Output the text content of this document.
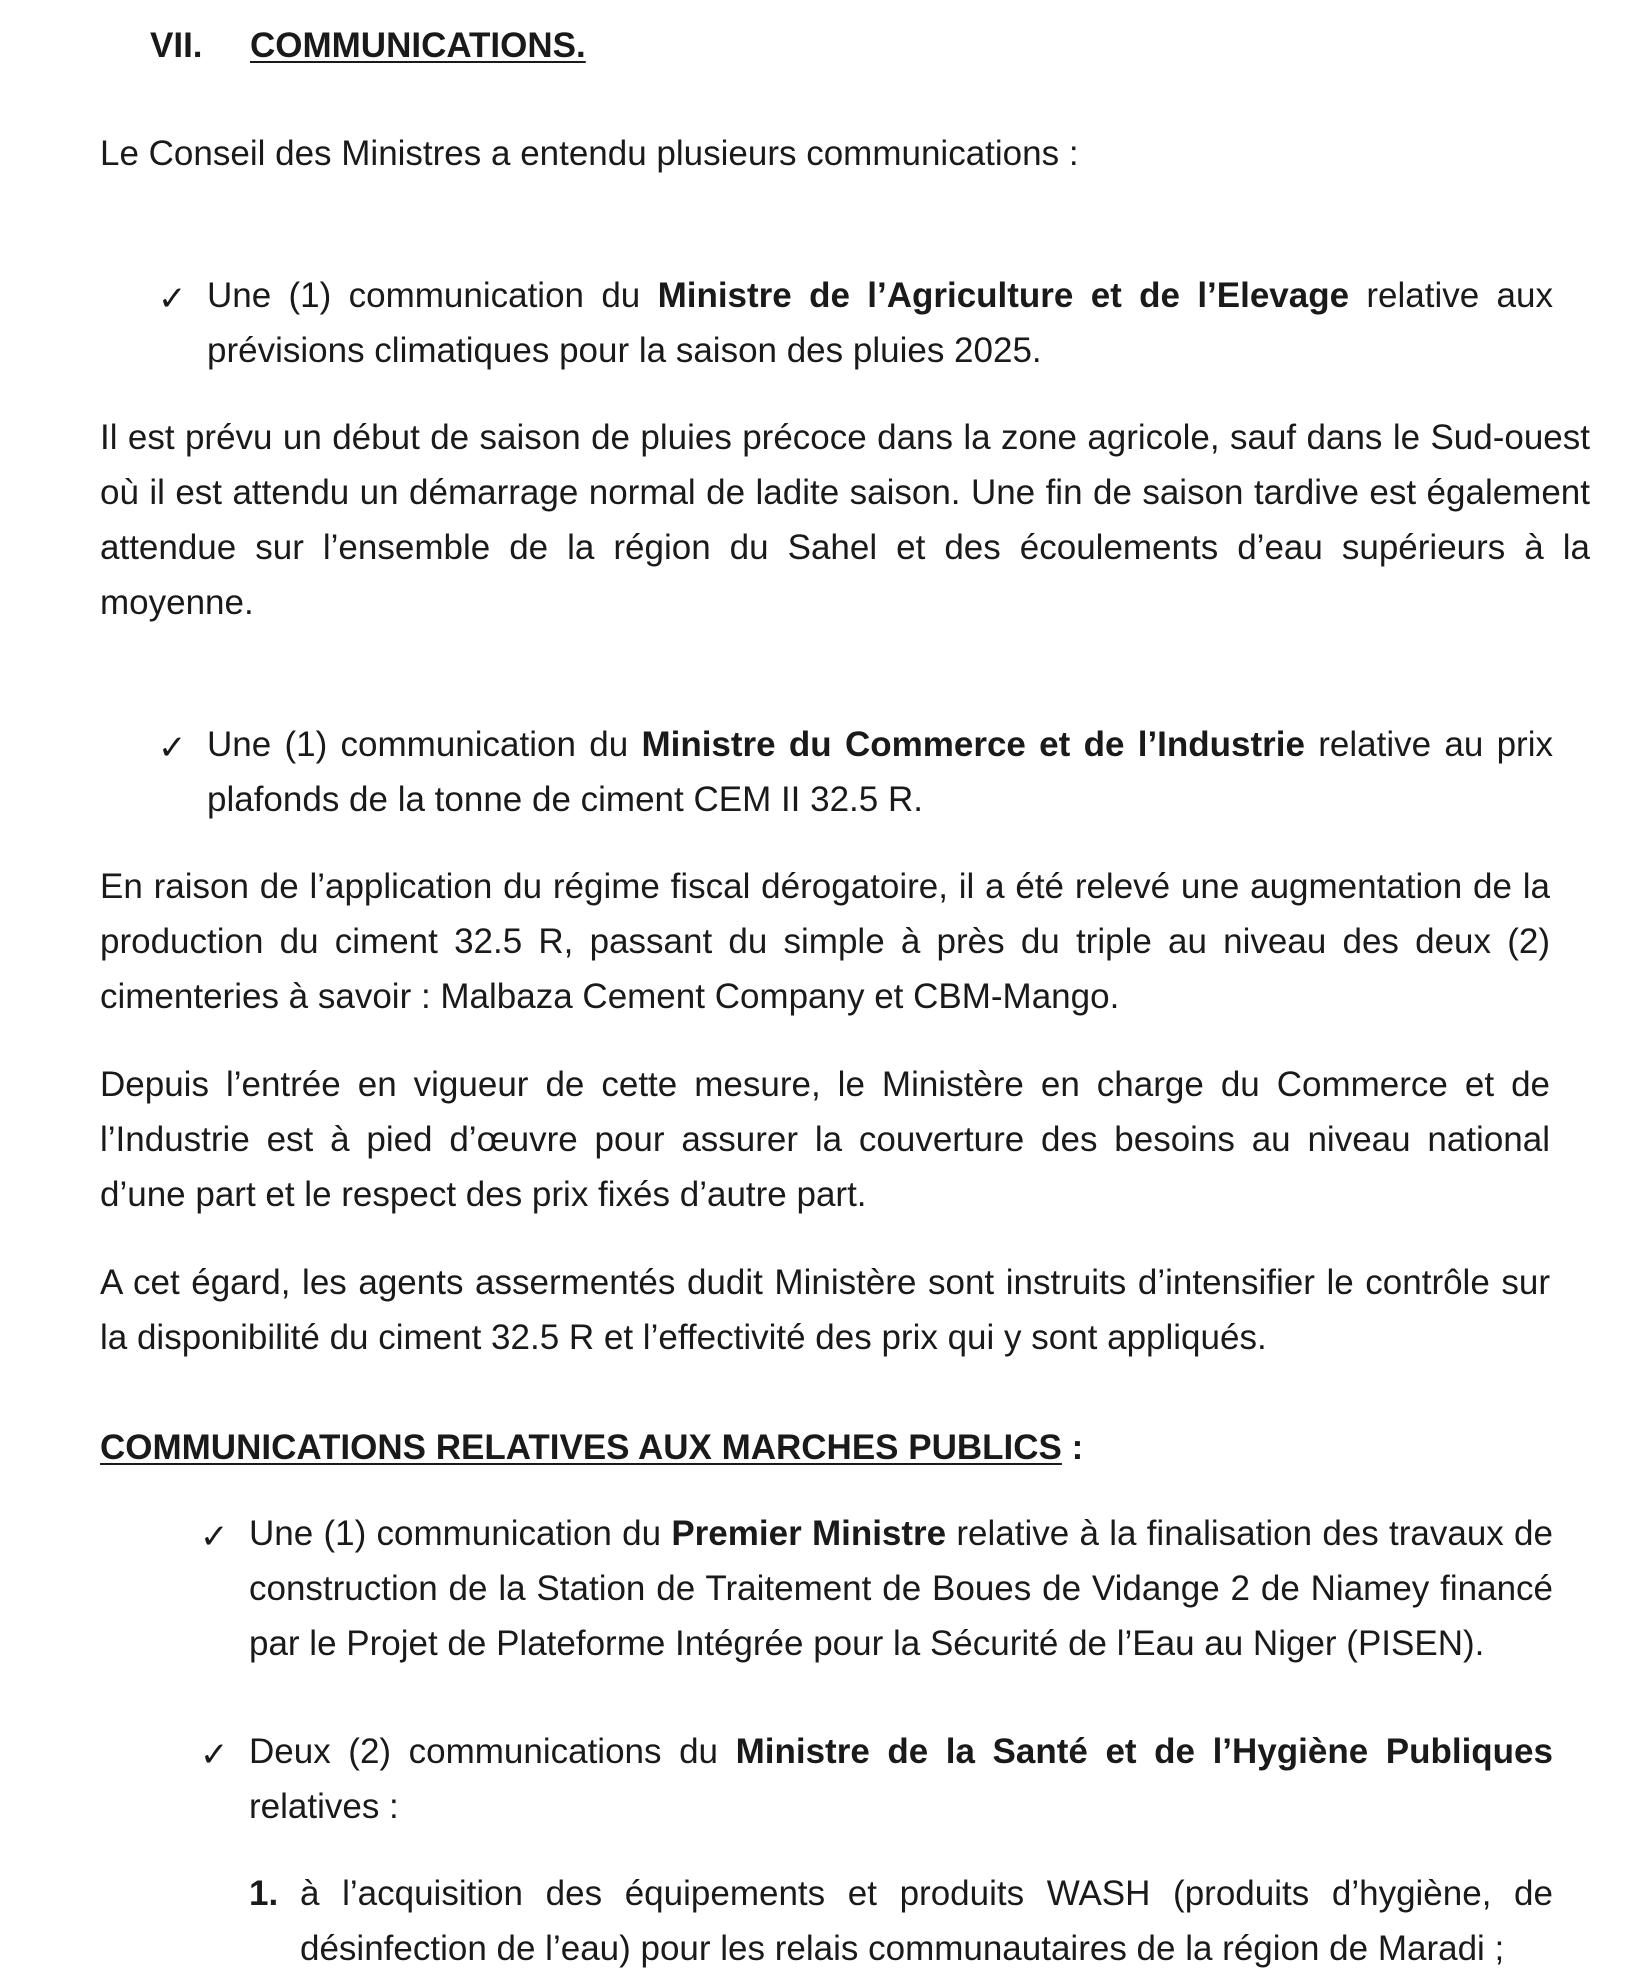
VII. COMMUNICATIONS.

Le Conseil des Ministres a entendu plusieurs communications :

✓ Une (1) communication du Ministre de l’Agriculture et de l’Elevage relative aux prévisions climatiques pour la saison des pluies 2025.

Il est prévu un début de saison de pluies précoce dans la zone agricole, sauf dans le Sud-ouest où il est attendu un démarrage normal de ladite saison. Une fin de saison tardive est également attendue sur l’ensemble de la région du Sahel et des écoulements d’eau supérieurs à la moyenne.

✓ Une (1) communication du Ministre du Commerce et de l’Industrie relative au prix plafonds de la tonne de ciment CEM II 32.5 R.

En raison de l’application du régime fiscal dérogatoire, il a été relevé une augmentation de la production du ciment 32.5 R, passant du simple à près du triple au niveau des deux (2) cimenteries à savoir : Malbaza Cement Company et CBM-Mango.

Depuis l’entrée en vigueur de cette mesure, le Ministère en charge du Commerce et de l’Industrie est à pied d’œuvre pour assurer la couverture des besoins au niveau national d’une part et le respect des prix fixés d’autre part.

A cet égard, les agents assermentés dudit Ministère sont instruits d’intensifier le contrôle sur la disponibilité du ciment 32.5 R et l’effectivité des prix qui y sont appliqués.

COMMUNICATIONS RELATIVES AUX MARCHES PUBLICS :

✓ Une (1) communication du Premier Ministre relative à la finalisation des travaux de construction de la Station de Traitement de Boues de Vidange 2 de Niamey financé par le Projet de Plateforme Intégrée pour la Sécurité de l’Eau au Niger (PISEN).

✓ Deux (2) communications du Ministre de la Santé et de l’Hygiène Publiques relatives :

1. à l’acquisition des équipements et produits WASH (produits d’hygiène, de désinfection de l’eau) pour les relais communautaires de la région de Maradi ;
